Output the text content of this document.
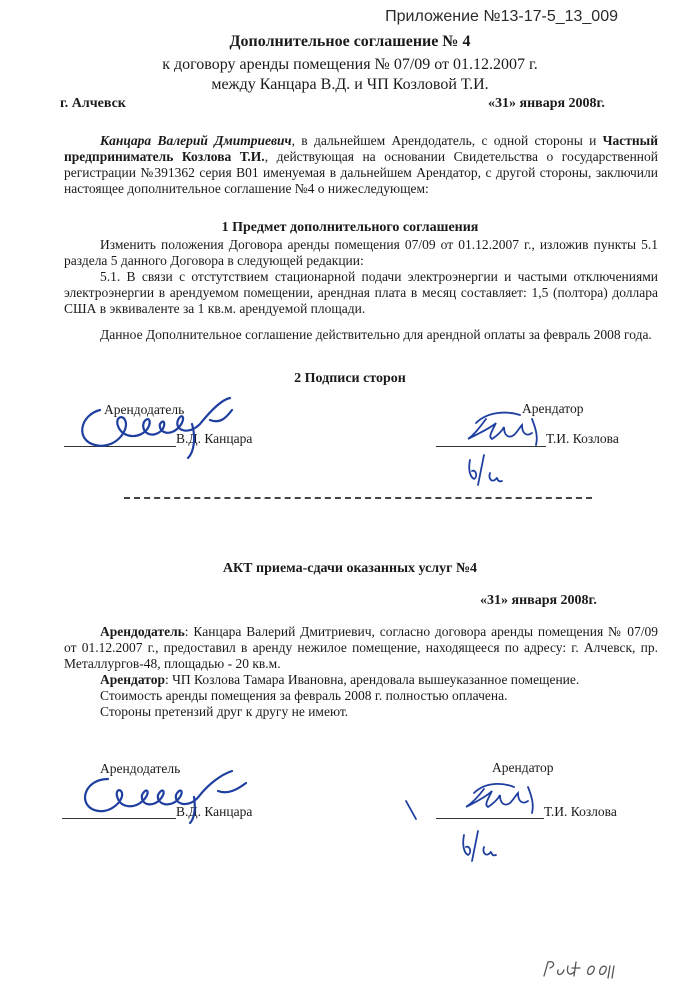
Приложение №13-17-5_13_009
Дополнительное соглашение № 4
к договору аренды помещения № 07/09 от 01.12.2007 г.
между Канцара В.Д. и ЧП Козловой Т.И.
г. Алчевск	«31» января 2008г.

Канцара Валерий Дмитриевич, в дальнейшем Арендодатель, с одной стороны и Частный предприниматель Козлова Т.И., действующая на основании Свидетельства о государственной регистрации №391362 серия В01 именуемая в дальнейшем Арендатор, с другой стороны, заключили настоящее дополнительное соглашение №4 о нижеследующем:

1 Предмет дополнительного соглашения

Изменить положения Договора аренды помещения 07/09 от 01.12.2007 г., изложив пункты 5.1 раздела 5 данного Договора в следующей редакции:

5.1. В связи с отстутствием стационарной подачи электроэнергии и частыми отключениями электроэнергии в арендуемом помещении, арендная плата в месяц составляет: 1,5 (полтора) доллара США в эквиваленте за 1 кв.м. арендуемой площади.

Данное Дополнительное соглашение действительно для арендной оплаты за февраль 2008 года.

2 Подписи сторон
Арендодатель
В.Д. Канцара
Арендатор
Т.И. Козлова
АКТ приема-сдачи оказанных услуг №4
«31» января 2008г.

Арендодатель: Канцара Валерий Дмитриевич, согласно договора аренды помещения № 07/09 от 01.12.2007 г., предоставил в аренду нежилое помещение, находящееся по адресу: г. Алчевск, пр. Металлургов-48, площадью - 20 кв.м.

Арендатор: ЧП Козлова Тамара Ивановна, арендовала вышеуказанное помещение.

Стоимость аренды помещения за февраль 2008 г. полностью оплачена.

Стороны претензий друг к другу не имеют.

Арендодатель
В.Д. Канцара
Арендатор
Т.И. Козлова
